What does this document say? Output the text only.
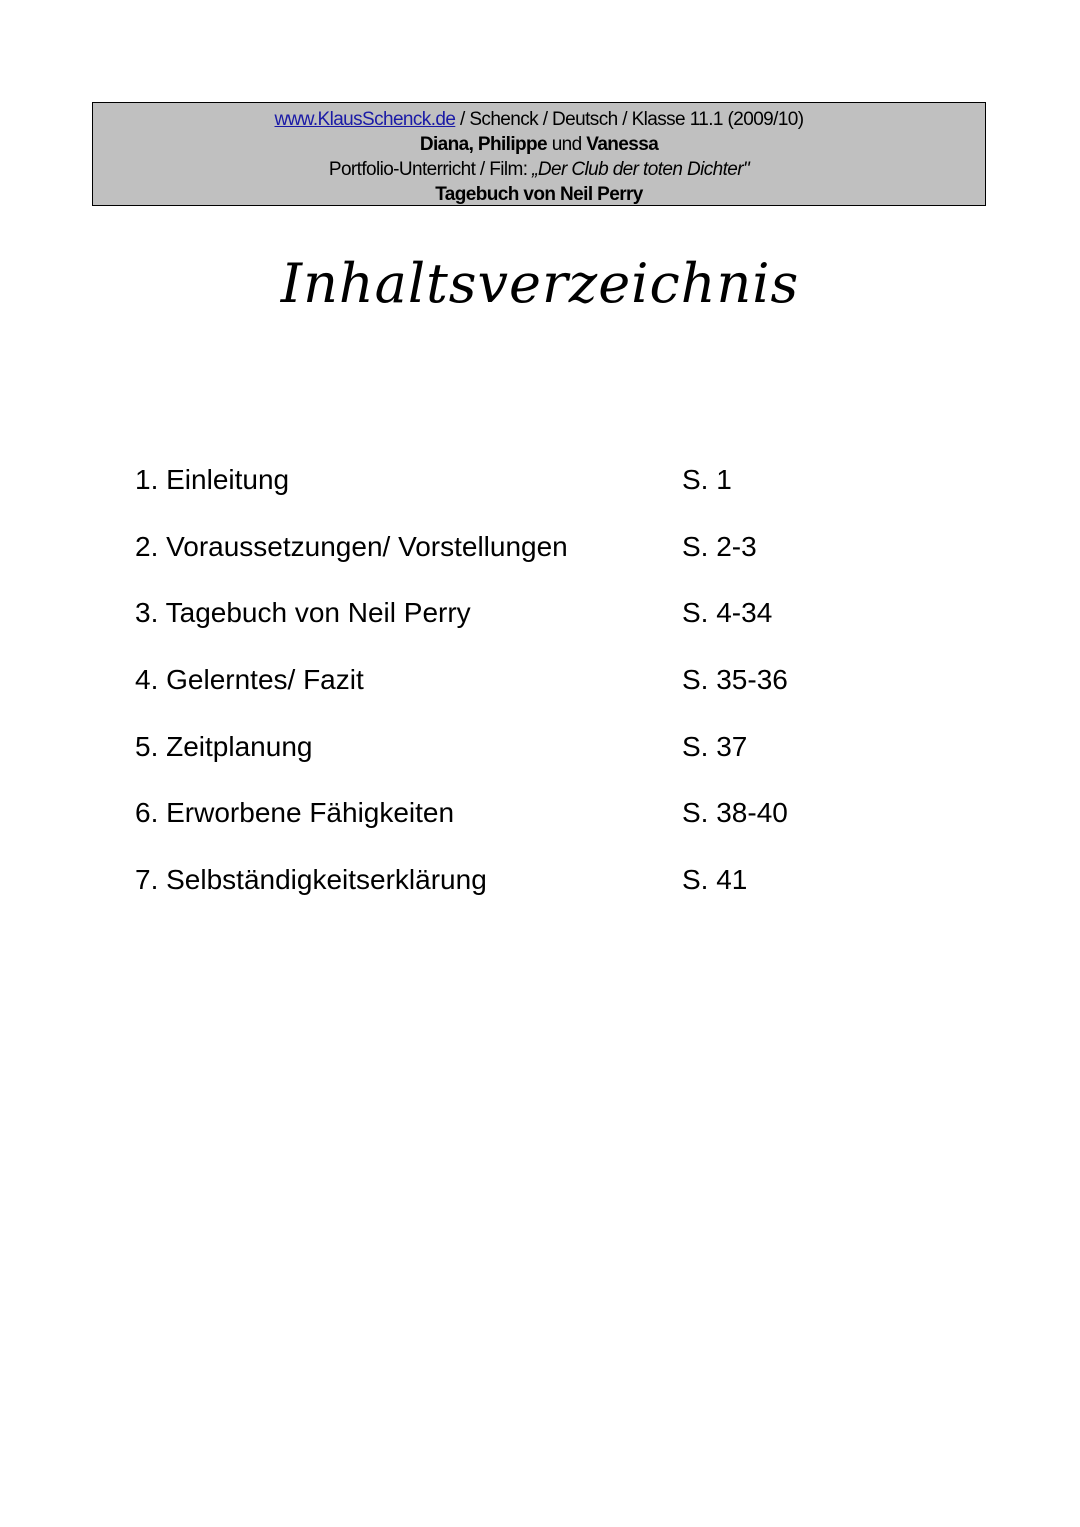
www.KlausSchenck.de / Schenck / Deutsch / Klasse 11.1 (2009/10)
Diana, Philippe und Vanessa
Portfolio-Unterricht / Film: „Der Club der toten Dichter"
Tagebuch von Neil Perry
Inhaltsverzeichnis
1. Einleitung	S. 1
2. Voraussetzungen/ Vorstellungen	S. 2-3
3. Tagebuch von Neil Perry	S. 4-34
4. Gelerntes/ Fazit	S. 35-36
5. Zeitplanung	S. 37
6. Erworbene Fähigkeiten	S. 38-40
7. Selbständigkeitserklärung	S. 41
